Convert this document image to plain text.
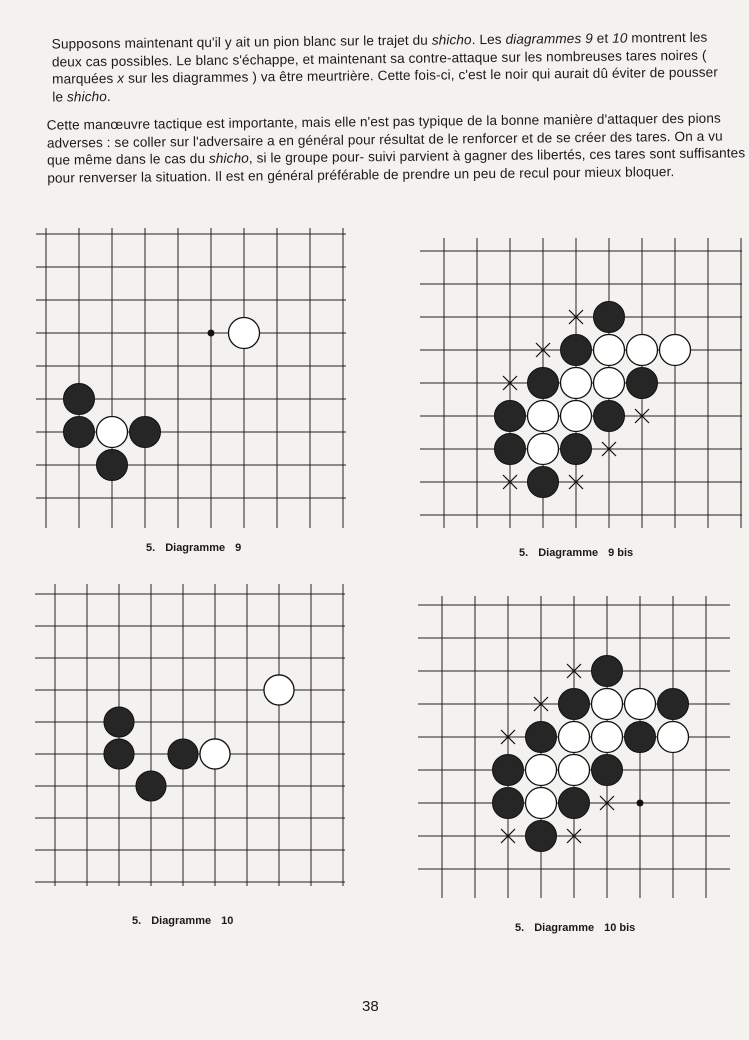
Supposons maintenant qu'il y ait un pion blanc sur le trajet du shicho. Les diagrammes 9 et 10 montrent les deux cas possibles. Le blanc s'échappe, et maintenant sa contre-attaque sur les nombreuses tares noires ( marquées x sur les diagrammes ) va être meurtrière. Cette fois-ci, c'est le noir qui aurait dû éviter de pousser le shicho.

Cette manœuvre tactique est importante, mais elle n'est pas typique de la bonne manière d'attaquer des pions adverses : se coller sur l'adversaire a en général pour résultat de le renforcer et de se créer des tares. On a vu que même dans le cas du shicho, si le groupe pour- suivi parvient à gagner des libertés, ces tares sont suffisantes pour renverser la situation. Il est en général préférable de prendre un peu de recul pour mieux bloquer.

5. Diagramme 9	5. Diagramme 9 bis
5. Diagramme 10
5. Diagramme 10 bis
38
